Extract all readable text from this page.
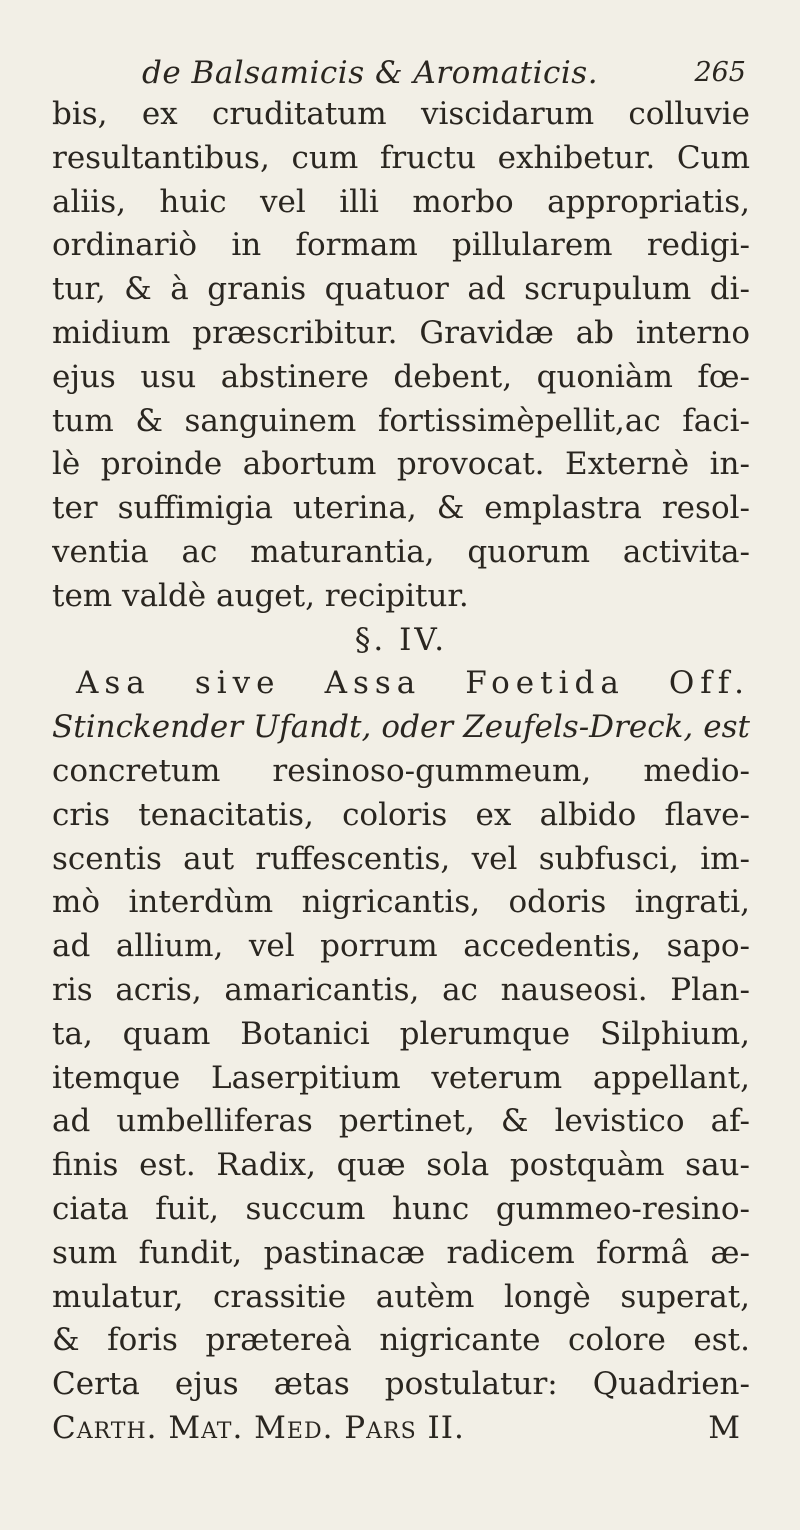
de Balsamicis & Aromaticis.	265
bis, ex cruditatum viscidarum colluvie
resultantibus, cum fructu exhibetur. Cum
aliis, huic vel illi morbo appropriatis,
ordinariò in formam pillularem redigi-
tur, & à granis quatuor ad scrupulum di-
midium præscribitur. Gravidæ ab interno
ejus usu abstinere debent, quoniàm fœ-
tum & sanguinem fortissimèpellit,ac faci-
lè proinde abortum provocat. Externè in-
ter suffimigia uterina, & emplastra resol-
ventia ac maturantia, quorum activita-
tem valdè auget, recipitur.
§. IV.
Asa sive Assa Foetida Off.
Stinckender Ufandt, oder Zeufels-Dreck, est
concretum resinoso-gummeum, medio-
cris tenacitatis, coloris ex albido flave-
scentis aut ruffescentis, vel subfusci, im-
mò interdùm nigricantis, odoris ingrati,
ad allium, vel porrum accedentis, sapo-
ris acris, amaricantis, ac nauseosi. Plan-
ta, quam Botanici plerumque Silphium,
itemque Laserpitium veterum appellant,
ad umbelliferas pertinet, & levistico af-
finis est. Radix, quæ sola postquàm sau-
ciata fuit, succum hunc gummeo-resino-
sum fundit, pastinacæ radicem formâ æ-
mulatur, crassitie autèm longè superat,
& foris prætereà nigricante colore est.
Certa ejus ætas postulatur: Quadrien-
Carth. Mat. Med. Pars II.	M
